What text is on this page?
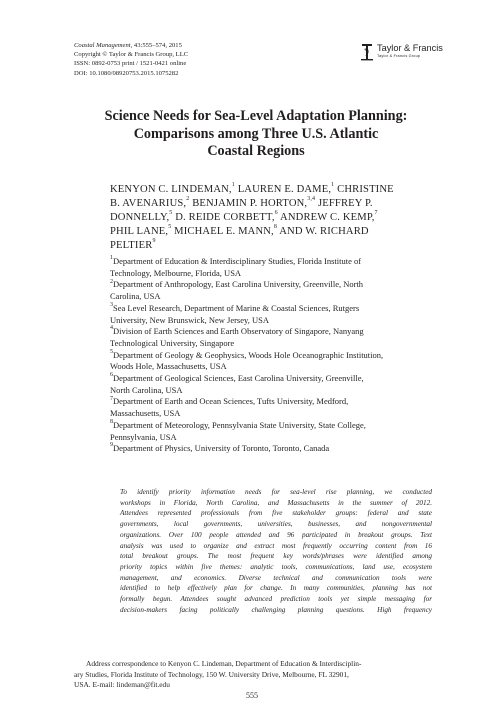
Coastal Management, 43:555–574, 2015
Copyright © Taylor & Francis Group, LLC
ISSN: 0892-0753 print / 1521-0421 online
DOI: 10.1080/08920753.2015.1075282
Taylor & Francis
Taylor & Francis Group
Science Needs for Sea-Level Adaptation Planning:
Comparisons among Three U.S. Atlantic
Coastal Regions
KENYON C. LINDEMAN,$^1$ LAUREN E. DAME,$^1$ CHRISTINE
B. AVENARIUS,$^2$ BENJAMIN P. HORTON,$^{3,4}$ JEFFREY P.
DONNELLY,$^5$ D. REIDE CORBETT,$^6$ ANDREW C. KEMP,$^7$
PHIL LANE,$^5$ MICHAEL E. MANN,$^8$ AND W. RICHARD
PELTIER$^9$
$^1$Department of Education & Interdisciplinary Studies, Florida Institute of
Technology, Melbourne, Florida, USA
$^2$Department of Anthropology, East Carolina University, Greenville, North
Carolina, USA
$^3$Sea Level Research, Department of Marine & Coastal Sciences, Rutgers
University, New Brunswick, New Jersey, USA
$^4$Division of Earth Sciences and Earth Observatory of Singapore, Nanyang
Technological University, Singapore
$^5$Department of Geology & Geophysics, Woods Hole Oceanographic Institution,
Woods Hole, Massachusetts, USA
$^6$Department of Geological Sciences, East Carolina University, Greenville,
North Carolina, USA
$^7$Department of Earth and Ocean Sciences, Tufts University, Medford,
Massachusetts, USA
$^8$Department of Meteorology, Pennsylvania State University, State College,
Pennsylvania, USA
$^9$Department of Physics, University of Toronto, Toronto, Canada
To identify priority information needs for sea-level rise planning, we conducted
workshops in Florida, North Carolina, and Massachusetts in the summer of 2012.
Attendees represented professionals from five stakeholder groups: federal and state
governments, local governments, universities, businesses, and nongovernmental
organizations. Over 100 people attended and 96 participated in breakout groups. Text
analysis was used to organize and extract most frequently occurring content from 16
total breakout groups. The most frequent key words/phrases were identified among
priority topics within five themes: analytic tools, communications, land use, ecosystem
management, and economics. Diverse technical and communication tools were
identified to help effectively plan for change. In many communities, planning has not
formally begun. Attendees sought advanced prediction tools yet simple messaging for
decision-makers facing politically challenging planning questions. High frequency
Address correspondence to Kenyon C. Lindeman, Department of Education & Interdisciplin-
ary Studies, Florida Institute of Technology, 150 W. University Drive, Melbourne, FL 32901,
USA. E-mail: lindeman@fit.edu
555
